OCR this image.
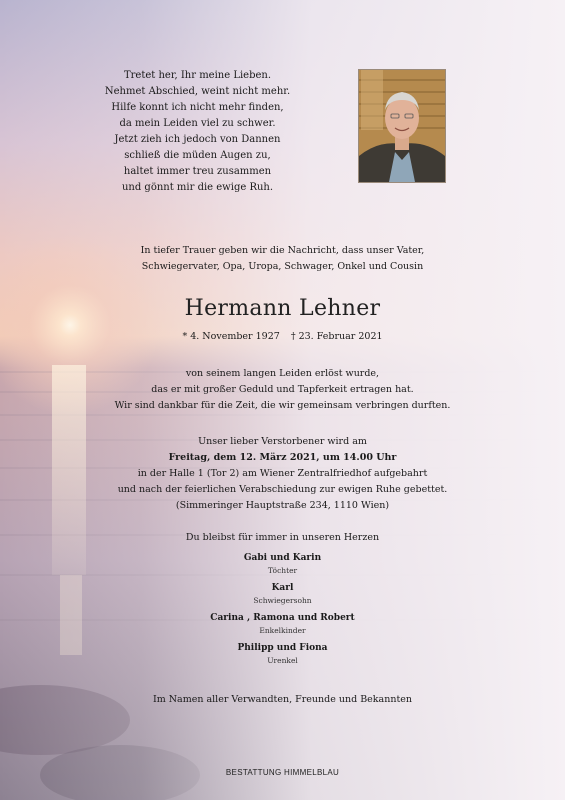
Tretet her, Ihr meine Lieben.
Nehmet Abschied, weint nicht mehr.
Hilfe konnt ich nicht mehr finden,
da mein Leiden viel zu schwer.
Jetzt zieh ich jedoch von Dannen
schließ die müden Augen zu,
haltet immer treu zusammen
und gönnt mir die ewige Ruh.
In tiefer Trauer geben wir die Nachricht, dass unser Vater,
Schwiegervater, Opa, Uropa, Schwager, Onkel und Cousin
Hermann Lehner
* 4. November 1927 † 23. Februar 2021
von seinem langen Leiden erlöst wurde,
das er mit großer Geduld und Tapferkeit ertragen hat.
Wir sind dankbar für die Zeit, die wir gemeinsam verbringen durften.
Unser lieber Verstorbener wird am
Freitag, dem 12. März 2021, um 14.00 Uhr
in der Halle 1 (Tor 2) am Wiener Zentralfriedhof aufgebahrt
und nach der feierlichen Verabschiedung zur ewigen Ruhe gebettet.
(Simmeringer Hauptstraße 234, 1110 Wien)
Du bleibst für immer in unseren Herzen
Gabi und Karin
Töchter
Karl
Schwiegersohn
Carina , Ramona und Robert
Enkelkinder
Philipp und Fiona
Urenkel
Im Namen aller Verwandten, Freunde und Bekannten
BESTATTUNG HIMMELBLAU
